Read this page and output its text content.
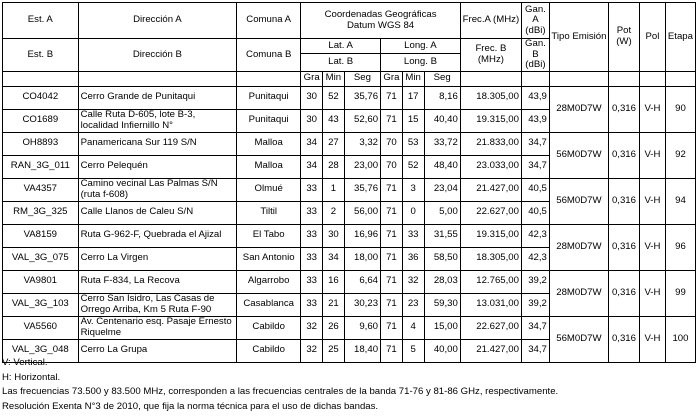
Est. A	Dirección A	Comuna A	Coordenadas Geográficas
Datum WGS 84						Frec.A (MHz)	Gan. A (dBi)	Tipo Emisión	Pot (W)	Pol	Etapa
Est. B	Dirección B	Comuna B	Lat. A			Long. A			Frec. B (MHz)	Gan. B (dBi)				
			Lat. B			Long. B								

			Gra	Min	Seg	Gra	Min	Seg						
CO4042	Cerro Grande de Punitaqui	Punitaqui	30	52	35,76	71	17	8,16	18.305,00	43,9	28M0D7W	0,316	V-H	90
CO1689	Calle Ruta D-605, lote B-3, localidad Infiernillo N°	Punitaqui	30	43	52,60	71	15	40,40	19.315,00	43,9				
OH8893	Panamericana Sur 119 S/N	Malloa	34	27	3,32	70	53	33,72	21.833,00	34,7	56M0D7W	0,316	V-H	92
RAN_3G_011	Cerro Pelequén	Malloa	34	28	23,00	70	52	48,40	23.033,00	34,7				
VA4357	Camino vecinal Las Palmas S/N (ruta f-608)	Olmué	33	1	35,76	71	3	23,04	21.427,00	40,5	56M0D7W	0,316	V-H	94
RM_3G_325	Calle Llanos de Caleu S/N	Tiltil	33	2	56,00	71	0	5,00	22.627,00	40,5				
VA8159	Ruta G-962-F, Quebrada el Ajizal	El Tabo	33	30	16,96	71	33	31,55	19.315,00	42,3	28M0D7W	0,316	V-H	96
VAL_3G_075	Cerro La Virgen	San Antonio	33	34	18,00	71	36	58,50	18.305,00	42,3				
VA9801	Ruta F-834, La Recova	Algarrobo	33	16	6,64	71	32	28,03	12.765,00	39,2	28M0D7W	0,316	V-H	99
VAL_3G_103	Cerro San Isidro, Las Casas de Orrego Arriba, Km 5 Ruta F-90	Casablanca	33	21	30,23	71	23	59,30	13.031,00	39,2				
VA5560	Av. Centenario esq. Pasaje Ernesto Riquelme	Cabildo	32	26	9,60	71	4	15,00	22.627,00	34,7	56M0D7W	0,316	V-H	100
VAL_3G_048	Cerro La Grupa	Cabildo	32	25	18,40	71	5	40,00	21.427,00	34,7				
V: Vertical.
H: Horizontal.
Las frecuencias 73.500 y 83.500 MHz, corresponden a las frecuencias centrales de la banda 71-76 y 81-86 GHz, respectivamente.
Resolución Exenta N°3 de 2010, que fija la norma técnica para el uso de dichas bandas.
